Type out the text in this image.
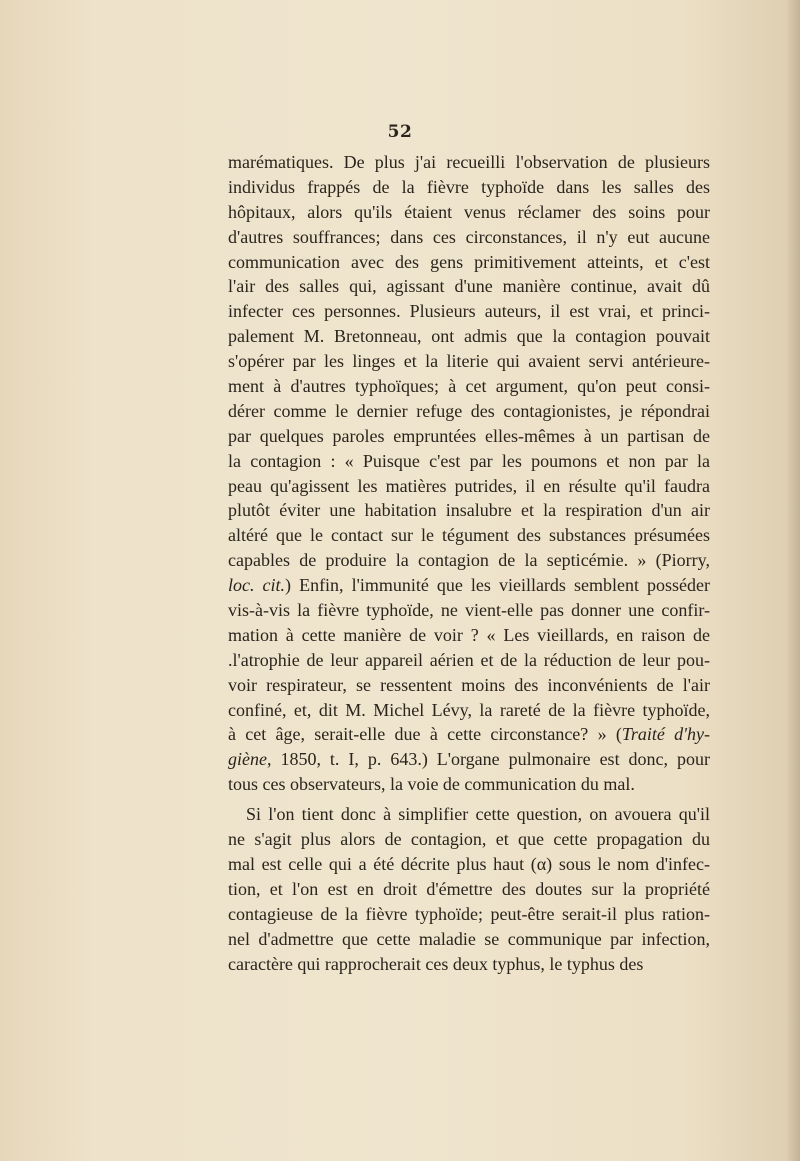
52
marématiques. De plus j'ai recueilli l'observation de plusieurs
individus frappés de la fièvre typhoïde dans les salles des
hôpitaux, alors qu'ils étaient venus réclamer des soins pour
d'autres souffrances; dans ces circonstances, il n'y eut aucune
communication avec des gens primitivement atteints, et c'est
l'air des salles qui, agissant d'une manière continue, avait dû
infecter ces personnes. Plusieurs auteurs, il est vrai, et princi-
palement M. Bretonneau, ont admis que la contagion pouvait
s'opérer par les linges et la literie qui avaient servi antérieure-
ment à d'autres typhoïques; à cet argument, qu'on peut consi-
dérer comme le dernier refuge des contagionistes, je répondrai
par quelques paroles empruntées elles-mêmes à un partisan de
la contagion : « Puisque c'est par les poumons et non par la
peau qu'agissent les matières putrides, il en résulte qu'il faudra
plutôt éviter une habitation insalubre et la respiration d'un air
altéré que le contact sur le tégument des substances présumées
capables de produire la contagion de la septicémie. » (Piorry,
loc. cit.) Enfin, l'immunité que les vieillards semblent posséder
vis-à-vis la fièvre typhoïde, ne vient-elle pas donner une confir-
mation à cette manière de voir ? « Les vieillards, en raison de
.l'atrophie de leur appareil aérien et de la réduction de leur pou-
voir respirateur, se ressentent moins des inconvénients de l'air
confiné, et, dit M. Michel Lévy, la rareté de la fièvre typhoïde,
à cet âge, serait-elle due à cette circonstance? » (Traité d'hy-
giène, 1850, t. I, p. 643.) L'organe pulmonaire est donc, pour
tous ces observateurs, la voie de communication du mal.
Si l'on tient donc à simplifier cette question, on avouera qu'il
ne s'agit plus alors de contagion, et que cette propagation du
mal est celle qui a été décrite plus haut (α) sous le nom d'infec-
tion, et l'on est en droit d'émettre des doutes sur la propriété
contagieuse de la fièvre typhoïde; peut-être serait-il plus ration-
nel d'admettre que cette maladie se communique par infection,
caractère qui rapprocherait ces deux typhus, le typhus des
